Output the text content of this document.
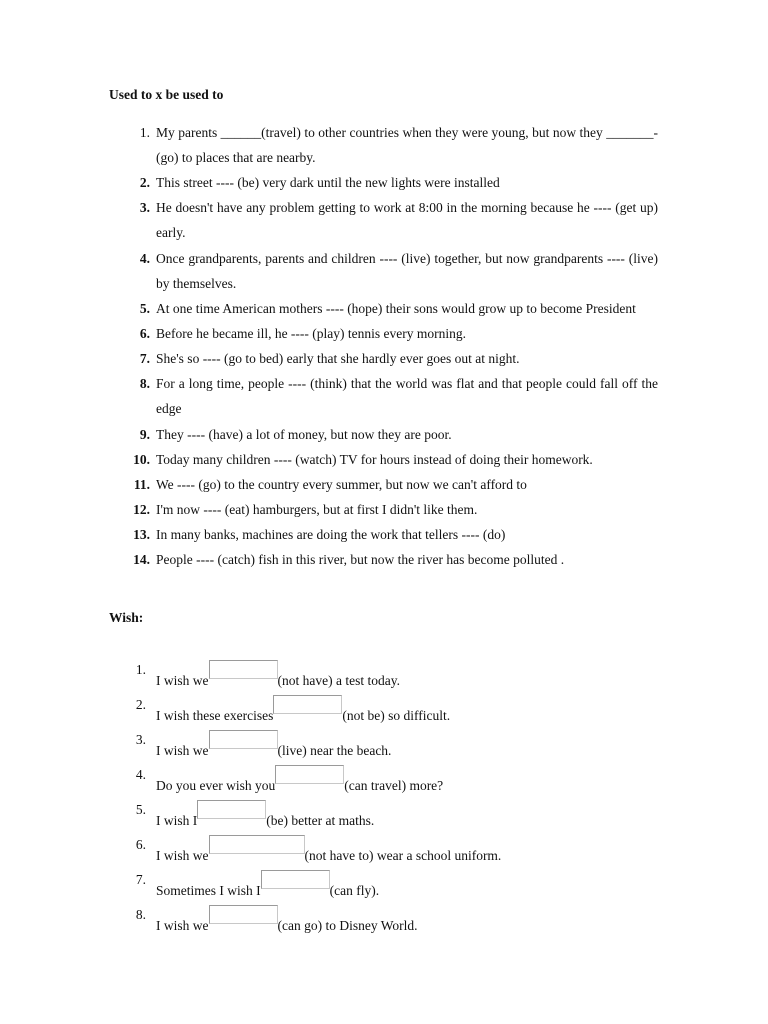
Used to x be used to
1. My parents ______(travel) to other countries when they were young, but now they _______- (go) to places that are nearby.
2. This street ---- (be) very dark until the new lights were installed
3. He doesn't have any problem getting to work at 8:00 in the morning because he ---- (get up) early.
4. Once grandparents, parents and children ---- (live) together, but now grandparents ---- (live) by themselves.
5. At one time American mothers ---- (hope) their sons would grow up to become President
6. Before he became ill, he ---- (play) tennis every morning.
7. She's so ---- (go to bed) early that she hardly ever goes out at night.
8. For a long time, people ---- (think) that the world was flat and that people could fall off the edge
9. They ---- (have) a lot of money, but now they are poor.
10. Today many children ---- (watch) TV for hours instead of doing their homework.
11. We ---- (go) to the country every summer, but now we can't afford to
12. I'm now ---- (eat) hamburgers, but at first I didn't like them.
13. In many banks, machines are doing the work that tellers ---- (do)
14. People ---- (catch) fish in this river, but now the river has become polluted .
Wish:
1.
I wish we	(not have) a test today.
2.
I wish these exercises	(not be) so difficult.
3.
I wish we	(live) near the beach.
4.
Do you ever wish you	(can travel) more?
5.
I wish I	(be) better at maths.
6.
I wish we	(not have to) wear a school uniform.
7.
Sometimes I wish I	(can fly).
8.
I wish we	(can go) to Disney World.
